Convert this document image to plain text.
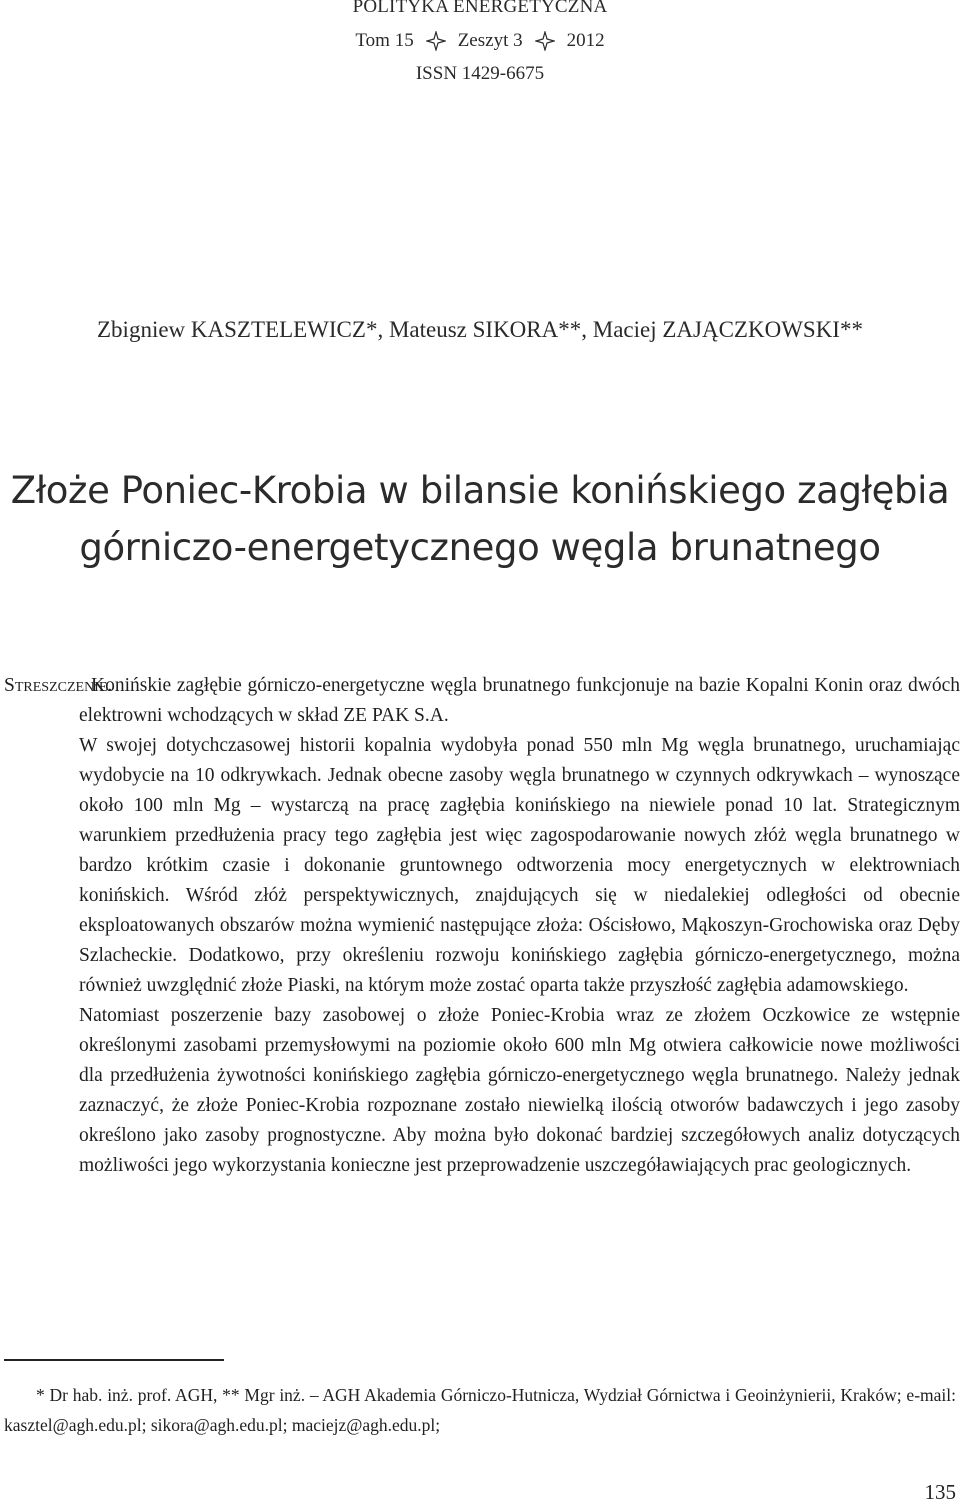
POLITYKA ENERGETYCZNA
Tom 15 Zeszyt 3 2012
ISSN 1429-6675
Zbigniew KASZTELEWICZ*, Mateusz SIKORA**, Maciej ZAJĄCZKOWSKI**
Złoże Poniec-Krobia w bilansie konińskiego zagłębia
górniczo-energetycznego węgla brunatnego
Streszczenie.

Konińskie zagłębie górniczo-energetyczne węgla brunatnego funkcjonuje na bazie Kopalni Konin oraz dwóch elektrowni wchodzących w skład ZE PAK S.A.

W swojej dotychczasowej historii kopalnia wydobyła ponad 550 mln Mg węgla brunatnego, uruchamiając wydobycie na 10 odkrywkach. Jednak obecne zasoby węgla brunatnego w czynnych odkrywkach – wynoszące około 100 mln Mg – wystarczą na pracę zagłębia konińskiego na niewiele ponad 10 lat. Strategicznym warunkiem przedłużenia pracy tego zagłębia jest więc zagospodarowanie nowych złóż węgla brunatnego w bardzo krótkim czasie i dokonanie gruntownego odtworzenia mocy energetycznych w elektrowniach konińskich. Wśród złóż perspektywicznych, znajdujących się w niedalekiej odległości od obecnie eksploatowanych obszarów można wymienić następujące złoża: Ościsłowo, Mąkoszyn-Grochowiska oraz Dęby Szlacheckie. Dodatkowo, przy określeniu rozwoju konińskiego zagłębia górniczo-energetycznego, można również uwzględnić złoże Piaski, na którym może zostać oparta także przyszłość zagłębia adamowskiego.

Natomiast poszerzenie bazy zasobowej o złoże Poniec-Krobia wraz ze złożem Oczkowice ze wstępnie określonymi zasobami przemysłowymi na poziomie około 600 mln Mg otwiera całkowicie nowe możliwości dla przedłużenia żywotności konińskiego zagłębia górniczo-energetycznego węgla brunatnego. Należy jednak zaznaczyć, że złoże Poniec-Krobia rozpoznane zostało niewielką ilością otworów badawczych i jego zasoby określono jako zasoby prognostyczne. Aby można było dokonać bardziej szczegółowych analiz dotyczących możliwości jego wykorzystania konieczne jest przeprowadzenie uszczegóławiających prac geologicznych.

* Dr hab. inż. prof. AGH, ** Mgr inż. – AGH Akademia Górniczo-Hutnicza, Wydział Górnictwa i Geoinżynierii, Kraków; e-mail: kasztel@agh.edu.pl; sikora@agh.edu.pl; maciejz@agh.edu.pl;

135
